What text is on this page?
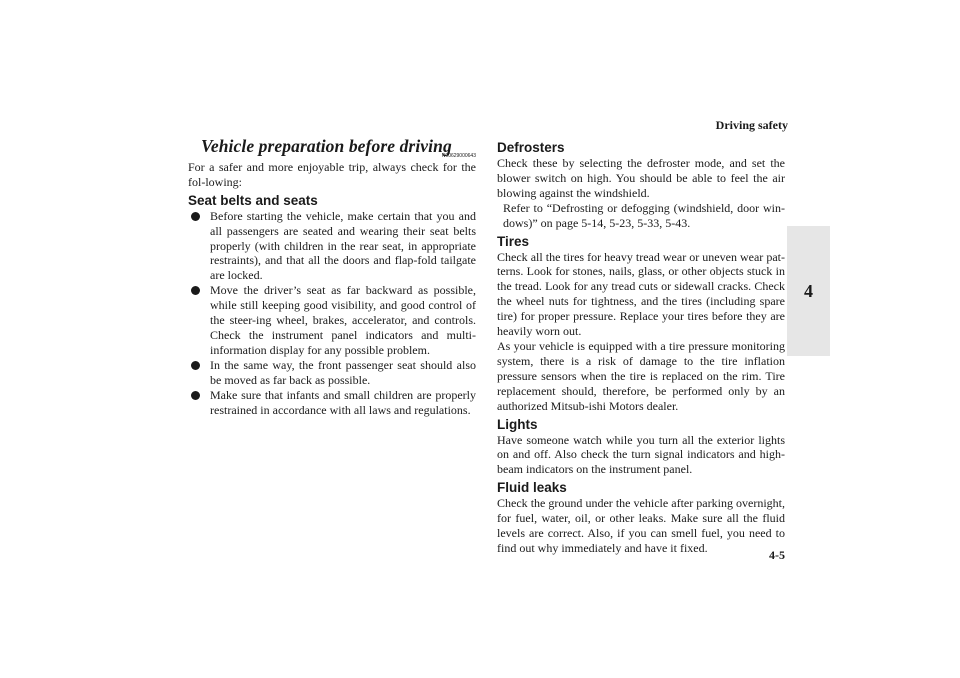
Driving safety
4
4-5
Vehicle preparation before driving
N00629000643

For a safer and more enjoyable trip, always check for the fol-lowing:

Seat belts and seats
Before starting the vehicle, make certain that you and all passengers are seated and wearing their seat belts properly (with children in the rear seat, in appropriate restraints), and that all the doors and flap-fold tailgate are locked.
Move the driver’s seat as far backward as possible, while still keeping good visibility, and good control of the steer-ing wheel, brakes, accelerator, and controls. Check the instrument panel indicators and multi-information display for any possible problem.
In the same way, the front passenger seat should also be moved as far back as possible.
Make sure that infants and small children are properly restrained in accordance with all laws and regulations.
Defrosters

Check these by selecting the defroster mode, and set the blower switch on high. You should be able to feel the air blowing against the windshield.

Refer to “Defrosting or defogging (windshield, door win-dows)” on page 5-14, 5-23, 5-33, 5-43.

Tires

Check all the tires for heavy tread wear or uneven wear pat-terns. Look for stones, nails, glass, or other objects stuck in the tread. Look for any tread cuts or sidewall cracks. Check the wheel nuts for tightness, and the tires (including spare tire) for proper pressure. Replace your tires before they are heavily worn out.

As your vehicle is equipped with a tire pressure monitoring system, there is a risk of damage to the tire inflation pressure sensors when the tire is replaced on the rim. Tire replacement should, therefore, be performed only by an authorized Mitsub-ishi Motors dealer.

Lights

Have someone watch while you turn all the exterior lights on and off. Also check the turn signal indicators and high-beam indicators on the instrument panel.

Fluid leaks

Check the ground under the vehicle after parking overnight, for fuel, water, oil, or other leaks. Make sure all the fluid levels are correct. Also, if you can smell fuel, you need to find out why immediately and have it fixed.
